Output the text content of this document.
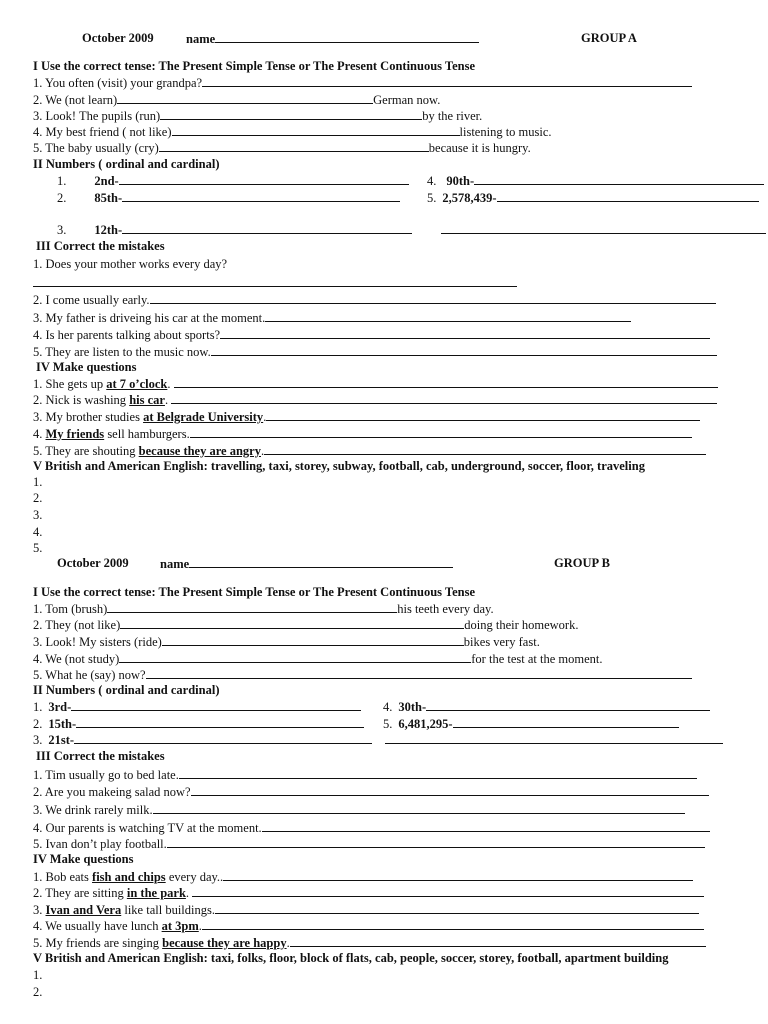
October 2009	name	GROUP A
I Use the correct tense: The Present Simple Tense or The Present Continuous Tense
1. You often (visit) your grandpa?
2. We (not learn)	German now.
3. Look! The pupils (run)	by the river.
4. My best friend ( not like)	listening to music.
5. The baby usually (cry)	because it is hungry.
II Numbers ( ordinal and cardinal)
1. 2nd-
2. 85th-
3. 12th-
4. 90th-
5. 2,578,439-
III Correct the mistakes
1. Does your mother works every day?
2. I come usually early.
3. My father is driveing his car at the moment.
4. Is her parents talking about sports?
5. They are listen to the music now.
IV Make questions
1. She gets up at 7 o’clock.
2. Nick is washing his car.
3. My brother studies at Belgrade University.
4. My friends sell hamburgers.
5. They are shouting because they are angry.
V British and American English: travelling, taxi, storey, subway, football, cab, underground, soccer, floor, traveling
1.
2.
3.
4.
5.
October 2009	name	GROUP B
I Use the correct tense: The Present Simple Tense or The Present Continuous Tense
1. Tom (brush)	his teeth every day.
2. They (not like)	doing their homework.
3. Look! My sisters (ride)	bikes very fast.
4. We (not study)	for the test at the moment.
5. What he (say) now?
II Numbers ( ordinal and cardinal)
1. 3rd-
2. 15th-
3. 21st-
4. 30th-
5. 6,481,295-
III Correct the mistakes
1. Tim usually go to bed late.
2. Are you makeing salad now?
3. We drink rarely milk.
4. Our parents is watching TV at the moment.
5. Ivan don’t play football.
IV Make questions
1. Bob eats fish and chips every day..
2. They are sitting in the park.
3. Ivan and Vera like tall buildings.
4. We usually have lunch at 3pm.
5. My friends are singing because they are happy.
V British and American English: taxi, folks, floor, block of flats, cab, people, soccer, storey, football, apartment building
1.
2.
